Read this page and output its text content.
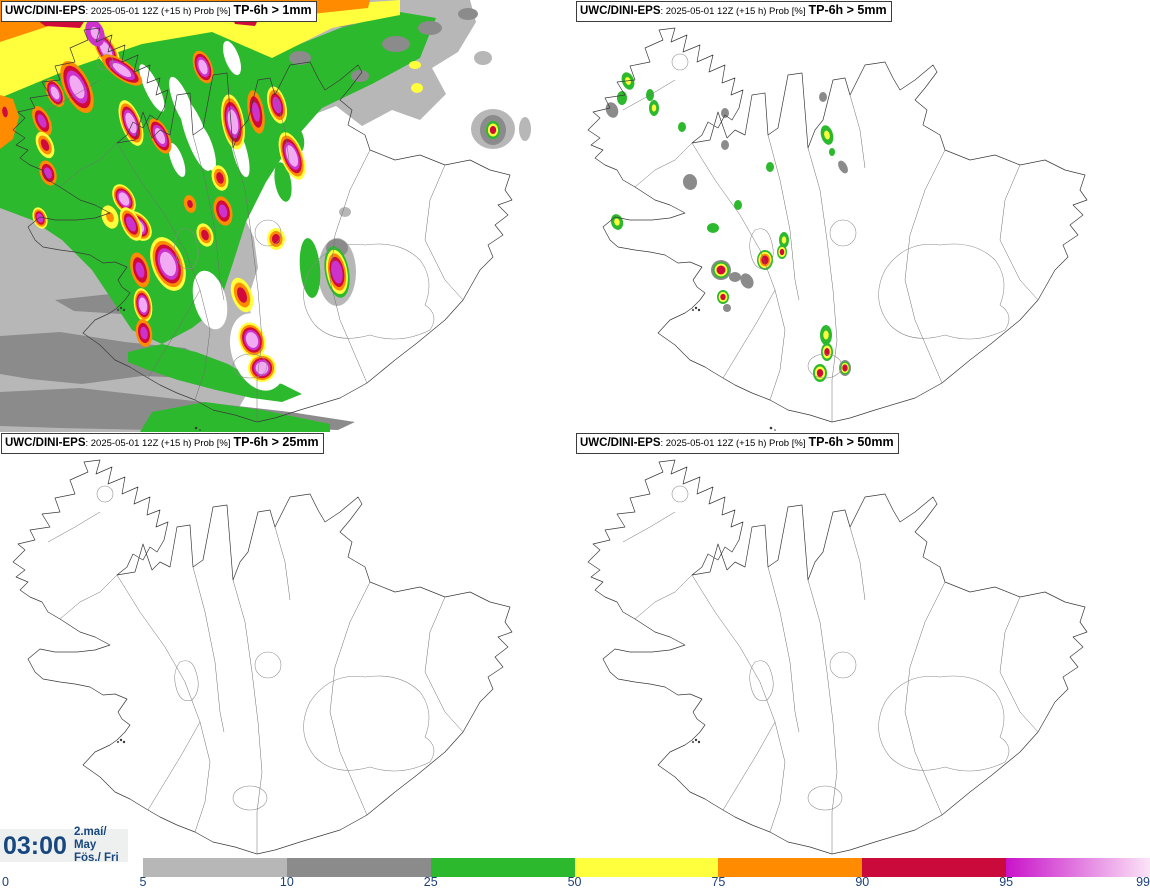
UWC/DINI-EPS: 2025-05-01 12Z (+15 h) Prob [%] TP-6h > 1mm	UWC/DINI-EPS: 2025-05-01 12Z (+15 h) Prob [%] TP-6h > 5mm
UWC/DINI-EPS: 2025-05-01 12Z (+15 h) Prob [%] TP-6h > 25mm	UWC/DINI-EPS: 2025-05-01 12Z (+15 h) Prob [%] TP-6h > 50mm
03:00 2.maí/ May
Fös./ Fri
0	5	10	25	50	75	90	95	99
